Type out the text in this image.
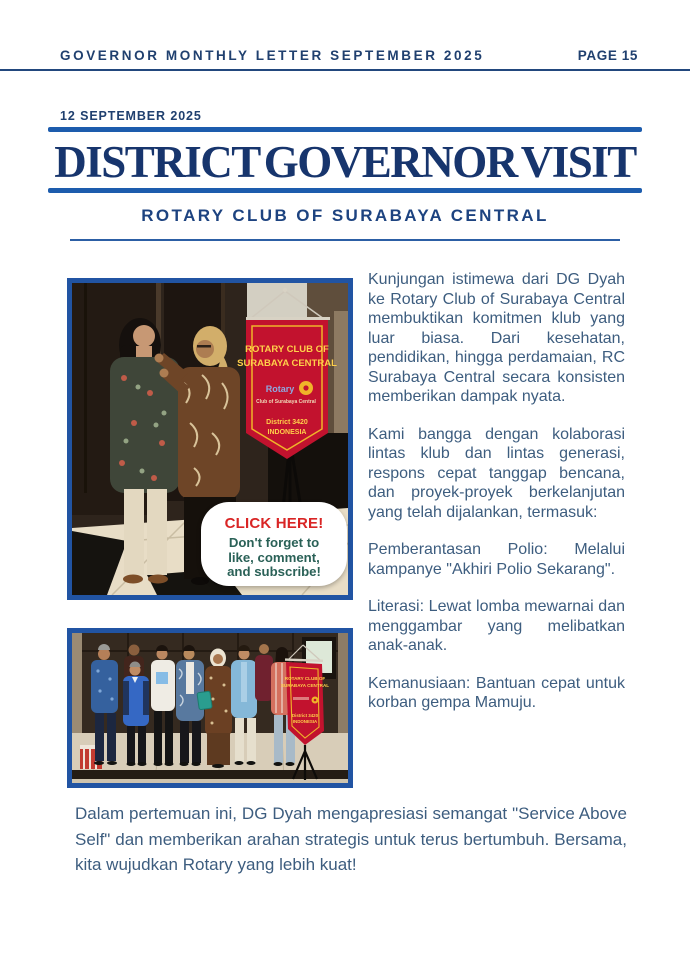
GOVERNOR MONTHLY LETTER SEPTEMBER 2025	PAGE 15
12 SEPTEMBER 2025
DISTRICT GOVERNOR VISIT
ROTARY CLUB OF SURABAYA CENTRAL
ROTARY CLUB OF
SURABAYA CENTRAL
Rotary
Club of Surabaya Central
District 3420
INDONESIA
CLICK HERE!
Don't forget to
like, comment,
and subscribe!
ROTARY CLUB OF
SURABAYA CENTRAL
District 3420
INDONESIA

Kunjungan istimewa dari DG Dyah ke Rotary Club of Surabaya Central membuktikan komitmen klub yang luar biasa. Dari kesehatan, pendidikan, hingga perdamaian, RC Surabaya Central secara konsisten memberikan dampak nyata.

Kami bangga dengan kolaborasi lintas klub dan lintas generasi, respons cepat tanggap bencana, dan proyek-proyek berkelanjutan yang telah dijalankan, termasuk:

Pemberantasan Polio: Melalui kampanye "Akhiri Polio Sekarang".

Literasi: Lewat lomba mewarnai dan menggambar yang melibatkan anak-anak.

Kemanusiaan: Bantuan cepat untuk korban gempa Mamuju.

Dalam pertemuan ini, DG Dyah mengapresiasi semangat "Service Above Self" dan memberikan arahan strategis untuk terus bertumbuh. Bersama, kita wujudkan Rotary yang lebih kuat!
